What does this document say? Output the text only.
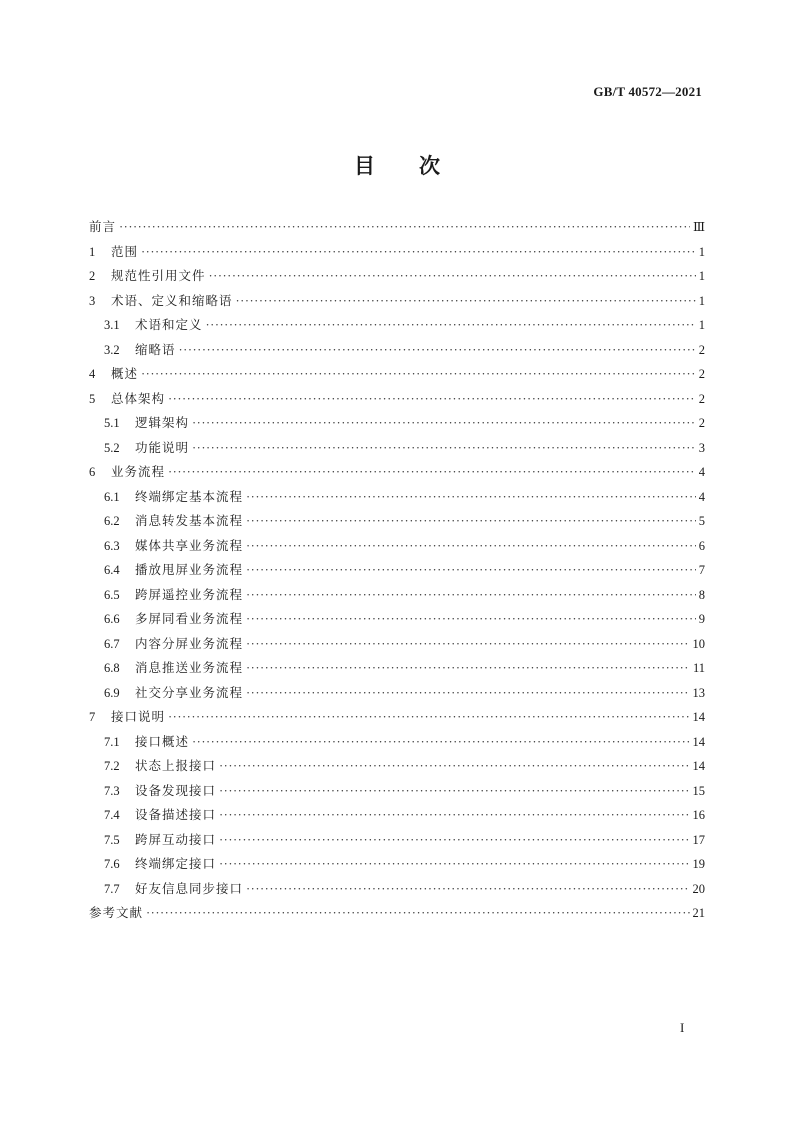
GB/T 40572—2021
目 次
前言 ·····	Ⅲ
1	范围 ·····	1
2	规范性引用文件 ·····	1
3	术语、定义和缩略语 ·····	1
3.1	术语和定义 ·····	1
3.2	缩略语 ·····	2
4	概述 ·····	2
5	总体架构 ·····	2
5.1	逻辑架构 ·····	2
5.2	功能说明 ·····	3
6	业务流程 ·····	4
6.1	终端绑定基本流程 ·····	4
6.2	消息转发基本流程 ·····	5
6.3	媒体共享业务流程 ·····	6
6.4	播放甩屏业务流程 ·····	7
6.5	跨屏遥控业务流程 ·····	8
6.6	多屏同看业务流程 ·····	9
6.7	内容分屏业务流程 ·····	10
6.8	消息推送业务流程 ·····	11
6.9	社交分享业务流程 ·····	13
7	接口说明 ·····	14
7.1	接口概述 ·····	14
7.2	状态上报接口 ·····	14
7.3	设备发现接口 ·····	15
7.4	设备描述接口 ·····	16
7.5	跨屏互动接口 ·····	17
7.6	终端绑定接口 ·····	19
7.7	好友信息同步接口 ·····	20
参考文献 ·····	21
I
